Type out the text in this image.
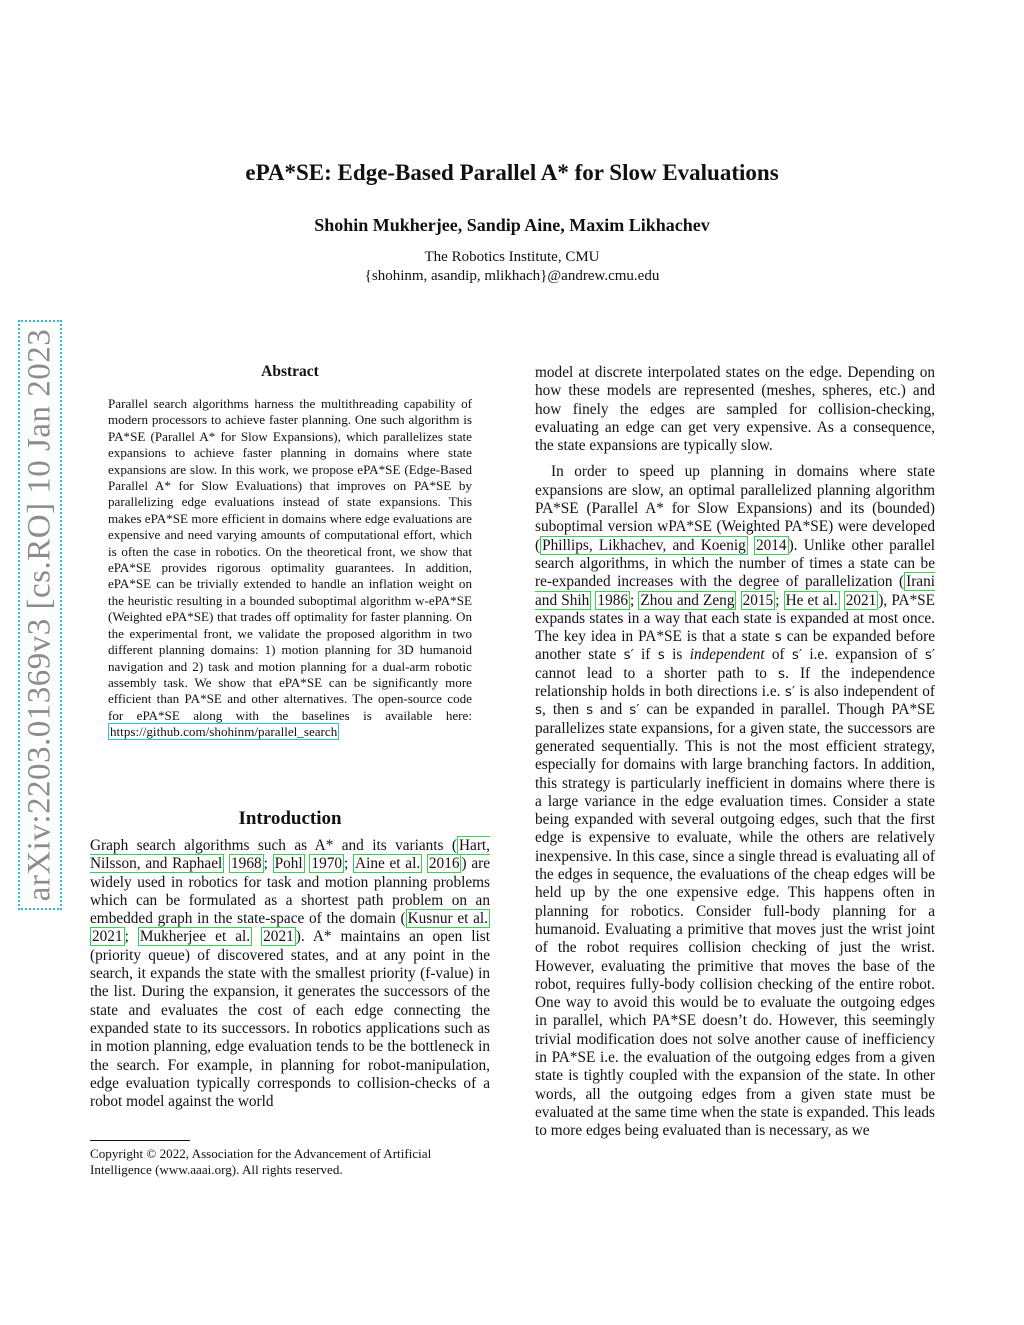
arXiv:2203.01369v3 [cs.RO] 10 Jan 2023
ePA*SE: Edge-Based Parallel A* for Slow Evaluations
Shohin Mukherjee, Sandip Aine, Maxim Likhachev
The Robotics Institute, CMU
{shohinm, asandip, mlikhach}@andrew.cmu.edu
Abstract

Parallel search algorithms harness the multithreading capability of modern processors to achieve faster planning. One such algorithm is PA*SE (Parallel A* for Slow Expansions), which parallelizes state expansions to achieve faster planning in domains where state expansions are slow. In this work, we propose ePA*SE (Edge-Based Parallel A* for Slow Evaluations) that improves on PA*SE by parallelizing edge evaluations instead of state expansions. This makes ePA*SE more efficient in domains where edge evaluations are expensive and need varying amounts of computational effort, which is often the case in robotics. On the theoretical front, we show that ePA*SE provides rigorous optimality guarantees. In addition, ePA*SE can be trivially extended to handle an inflation weight on the heuristic resulting in a bounded suboptimal algorithm w-ePA*SE (Weighted ePA*SE) that trades off optimality for faster planning. On the experimental front, we validate the proposed algorithm in two different planning domains: 1) motion planning for 3D humanoid navigation and 2) task and motion planning for a dual-arm robotic assembly task. We show that ePA*SE can be significantly more efficient than PA*SE and other alternatives. The open-source code for ePA*SE along with the baselines is available here: https://github.com/shohinm/parallel_search

Introduction

Graph search algorithms such as A* and its variants ( Hart, Nilsson, and Raphael 1968 ; Pohl 1970 ; Aine et al. 2016 ) are widely used in robotics for task and motion planning problems which can be formulated as a shortest path problem on an embedded graph in the state-space of the domain ( Kusnur et al. 2021 ; Mukherjee et al. 2021 ). A* maintains an open list (priority queue) of discovered states, and at any point in the search, it expands the state with the smallest priority (f-value) in the list. During the expansion, it generates the successors of the state and evaluates the cost of each edge connecting the expanded state to its successors. In robotics applications such as in motion planning, edge evaluation tends to be the bottleneck in the search. For example, in planning for robot-manipulation, edge evaluation typically corresponds to collision-checks of a robot model against the world

Copyright © 2022, Association for the Advancement of Artificial Intelligence (www.aaai.org). All rights reserved.

model at discrete interpolated states on the edge. Depending on how these models are represented (meshes, spheres, etc.) and how finely the edges are sampled for collision-checking, evaluating an edge can get very expensive. As a consequence, the state expansions are typically slow.

In order to speed up planning in domains where state expansions are slow, an optimal parallelized planning algorithm PA*SE (Parallel A* for Slow Expansions) and its (bounded) suboptimal version wPA*SE (Weighted PA*SE) were developed ( Phillips, Likhachev, and Koenig 2014 ). Unlike other parallel search algorithms, in which the number of times a state can be re-expanded increases with the degree of parallelization ( Irani and Shih 1986 ; Zhou and Zeng 2015 ; He et al. 2021 ), PA*SE expands states in a way that each state is expanded at most once. The key idea in PA*SE is that a state s can be expanded before another state s′ if s is independent of s′ i.e. expansion of s′ cannot lead to a shorter path to s. If the independence relationship holds in both directions i.e. s′ is also independent of s, then s and s′ can be expanded in parallel. Though PA*SE parallelizes state expansions, for a given state, the successors are generated sequentially. This is not the most efficient strategy, especially for domains with large branching factors. In addition, this strategy is particularly inefficient in domains where there is a large variance in the edge evaluation times. Consider a state being expanded with several outgoing edges, such that the first edge is expensive to evaluate, while the others are relatively inexpensive. In this case, since a single thread is evaluating all of the edges in sequence, the evaluations of the cheap edges will be held up by the one expensive edge. This happens often in planning for robotics. Consider full-body planning for a humanoid. Evaluating a primitive that moves just the wrist joint of the robot requires collision checking of just the wrist. However, evaluating the primitive that moves the base of the robot, requires fully-body collision checking of the entire robot. One way to avoid this would be to evaluate the outgoing edges in parallel, which PA*SE doesn’t do. However, this seemingly trivial modification does not solve another cause of inefficiency in PA*SE i.e. the evaluation of the outgoing edges from a given state is tightly coupled with the expansion of the state. In other words, all the outgoing edges from a given state must be evaluated at the same time when the state is expanded. This leads to more edges being evaluated than is necessary, as we
